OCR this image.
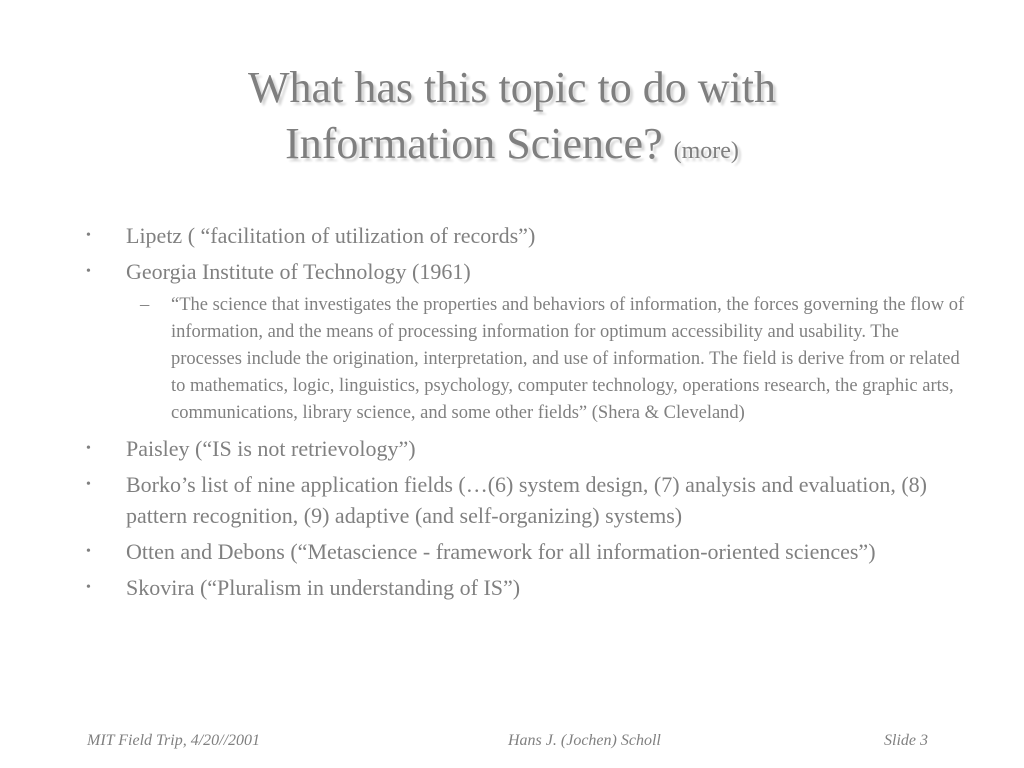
What has this topic to do with
Information Science? (more)
• Lipetz ( “facilitation of utilization of records”)
• Georgia Institute of Technology (1961)
– “The science that investigates the properties and behaviors of information, the forces governing the flow of information, and the means of processing information for optimum accessibility and usability. The processes include the origination, interpretation, and use of information. The field is derive from or related to mathematics, logic, linguistics, psychology, computer technology, operations research, the graphic arts, communications, library science, and some other fields” (Shera & Cleveland)
• Paisley (“IS is not retrievology”)
• Borko’s list of nine application fields (…(6) system design, (7) analysis and evaluation, (8) pattern recognition, (9) adaptive (and self-organizing) systems)
• Otten and Debons (“Metascience - framework for all information-oriented sciences”)
• Skovira (“Pluralism in understanding of IS”)
MIT Field Trip, 4/20//2001	Hans J. (Jochen) Scholl	Slide 3
